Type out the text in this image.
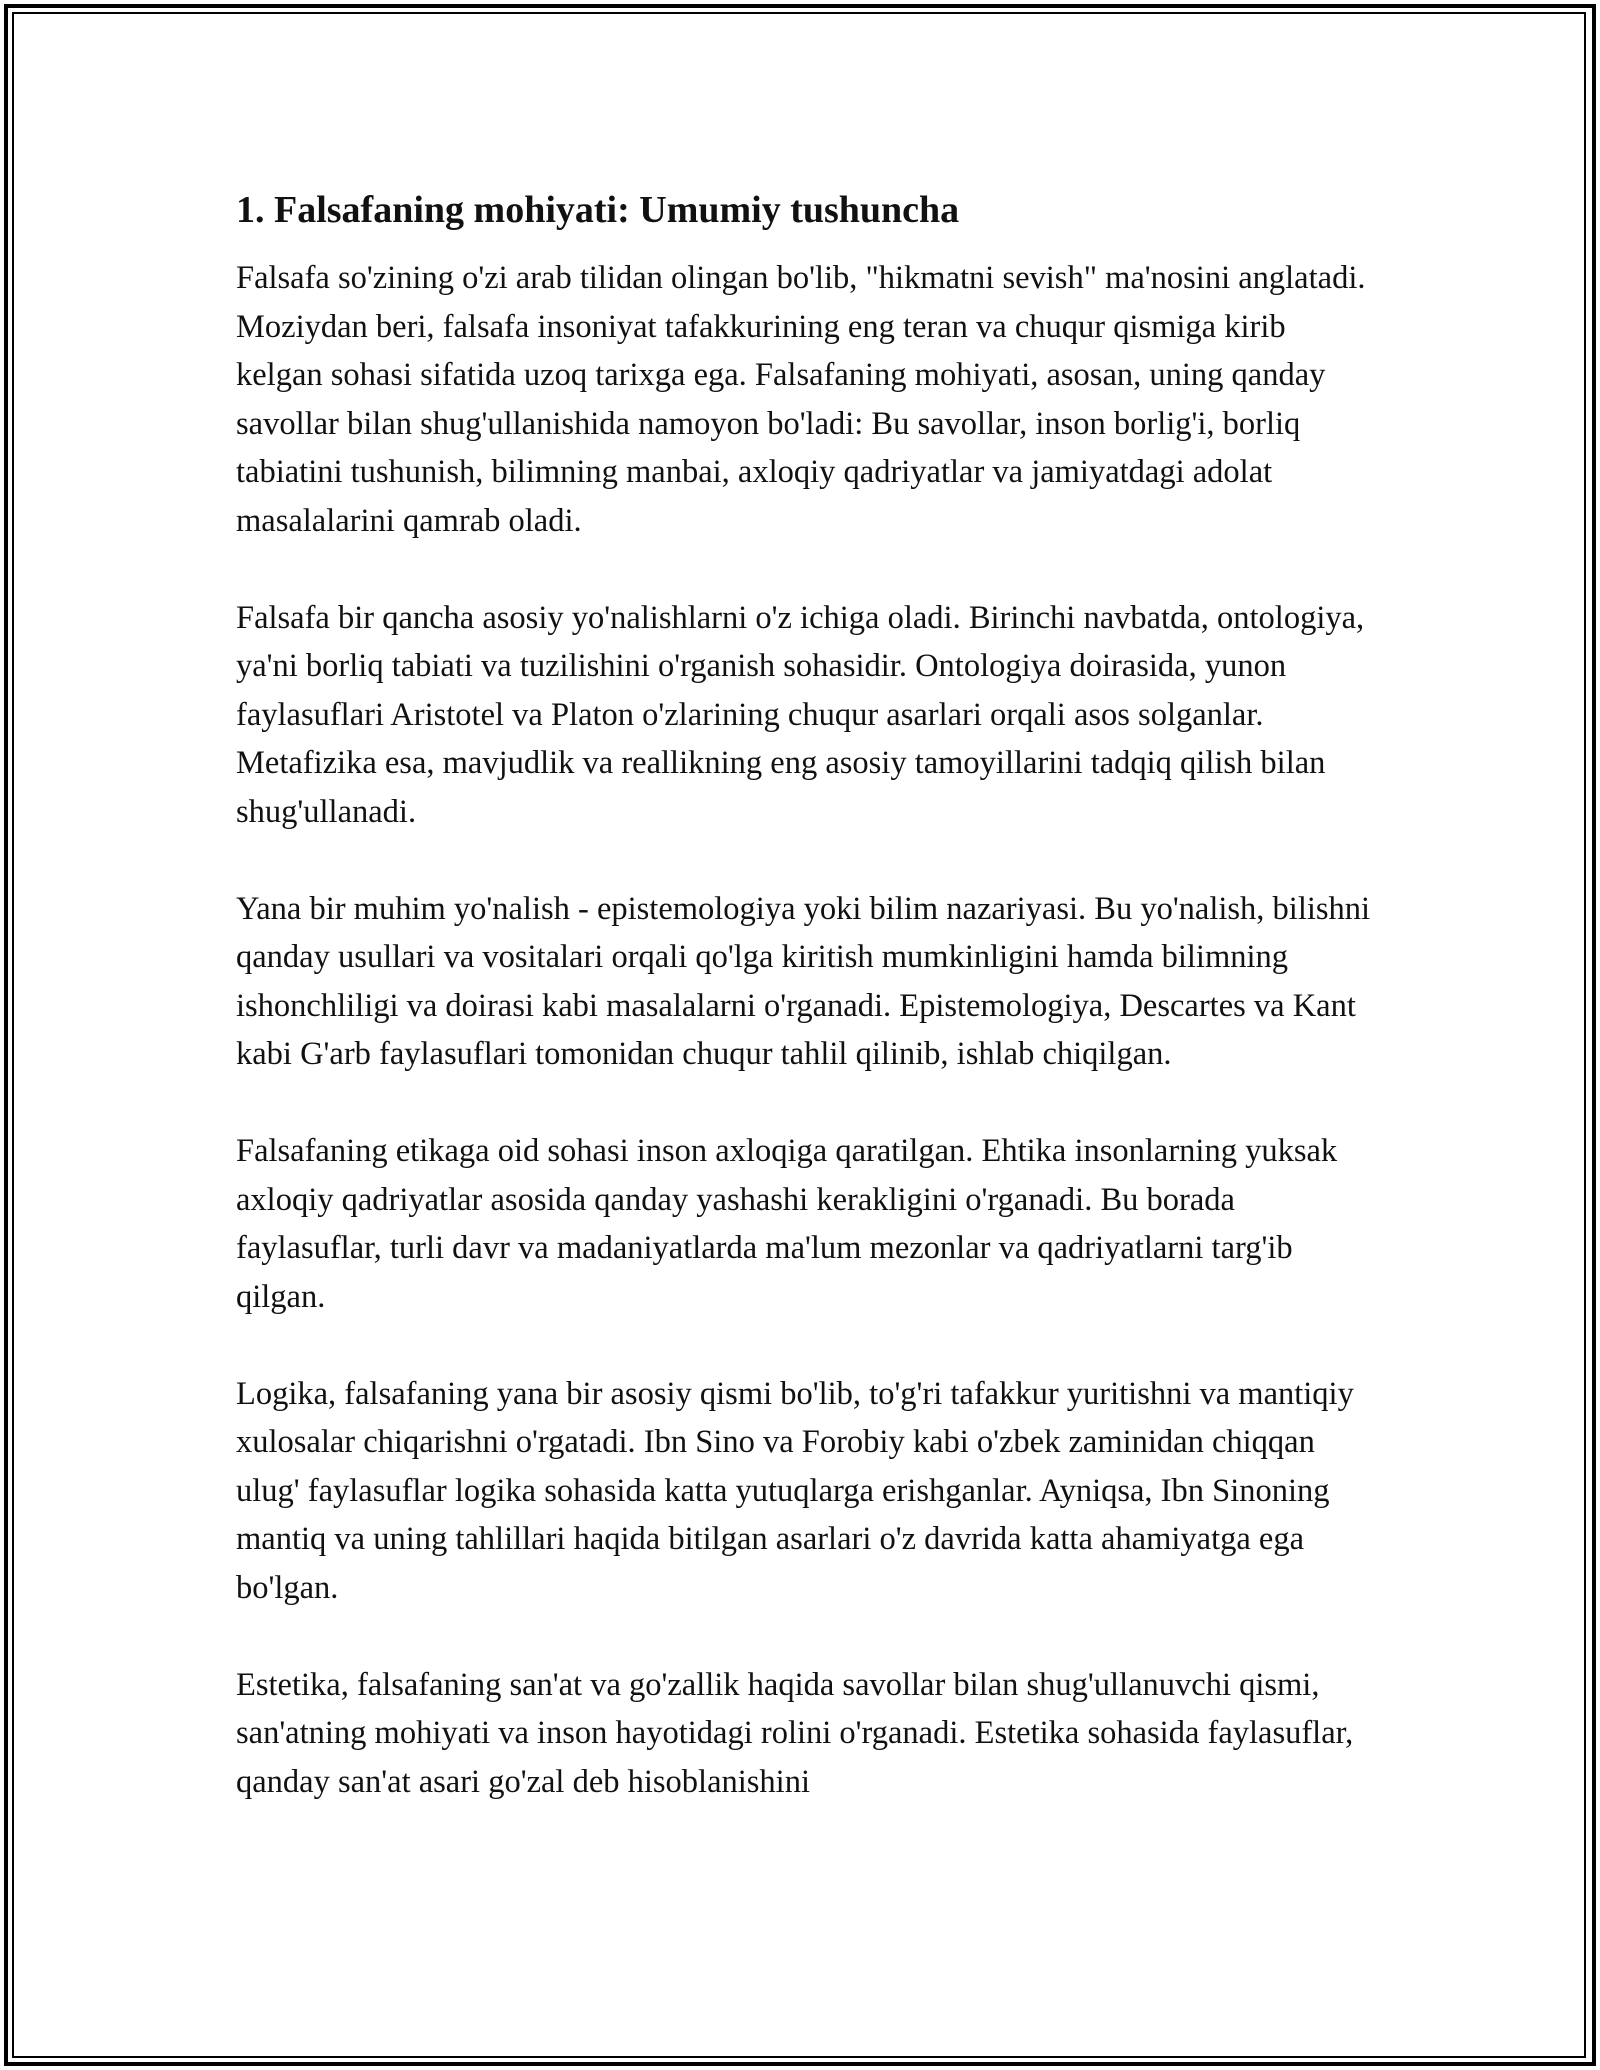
1. Falsafaning mohiyati: Umumiy tushuncha

Falsafa so'zining o'zi arab tilidan olingan bo'lib, "hikmatni sevish" ma'nosini anglatadi. Moziydan beri, falsafa insoniyat tafakkurining eng teran va chuqur qismiga kirib kelgan sohasi sifatida uzoq tarixga ega. Falsafaning mohiyati, asosan, uning qanday savollar bilan shug'ullanishida namoyon bo'ladi: Bu savollar, inson borlig'i, borliq tabiatini tushunish, bilimning manbai, axloqiy qadriyatlar va jamiyatdagi adolat masalalarini qamrab oladi.

Falsafa bir qancha asosiy yo'nalishlarni o'z ichiga oladi. Birinchi navbatda, ontologiya, ya'ni borliq tabiati va tuzilishini o'rganish sohasidir. Ontologiya doirasida, yunon faylasuflari Aristotel va Platon o'zlarining chuqur asarlari orqali asos solganlar. Metafizika esa, mavjudlik va reallikning eng asosiy tamoyillarini tadqiq qilish bilan shug'ullanadi.

Yana bir muhim yo'nalish - epistemologiya yoki bilim nazariyasi. Bu yo'nalish, bilishni qanday usullari va vositalari orqali qo'lga kiritish mumkinligini hamda bilimning ishonchliligi va doirasi kabi masalalarni o'rganadi. Epistemologiya, Descartes va Kant kabi G'arb faylasuflari tomonidan chuqur tahlil qilinib, ishlab chiqilgan.

Falsafaning etikaga oid sohasi inson axloqiga qaratilgan. Ehtika insonlarning yuksak axloqiy qadriyatlar asosida qanday yashashi kerakligini o'rganadi. Bu borada faylasuflar, turli davr va madaniyatlarda ma'lum mezonlar va qadriyatlarni targ'ib qilgan.

Logika, falsafaning yana bir asosiy qismi bo'lib, to'g'ri tafakkur yuritishni va mantiqiy xulosalar chiqarishni o'rgatadi. Ibn Sino va Forobiy kabi o'zbek zaminidan chiqqan ulug' faylasuflar logika sohasida katta yutuqlarga erishganlar. Ayniqsa, Ibn Sinoning mantiq va uning tahlillari haqida bitilgan asarlari o'z davrida katta ahamiyatga ega bo'lgan.

Estetika, falsafaning san'at va go'zallik haqida savollar bilan shug'ullanuvchi qismi, san'atning mohiyati va inson hayotidagi rolini o'rganadi. Estetika sohasida faylasuflar, qanday san'at asari go'zal deb hisoblanishini
